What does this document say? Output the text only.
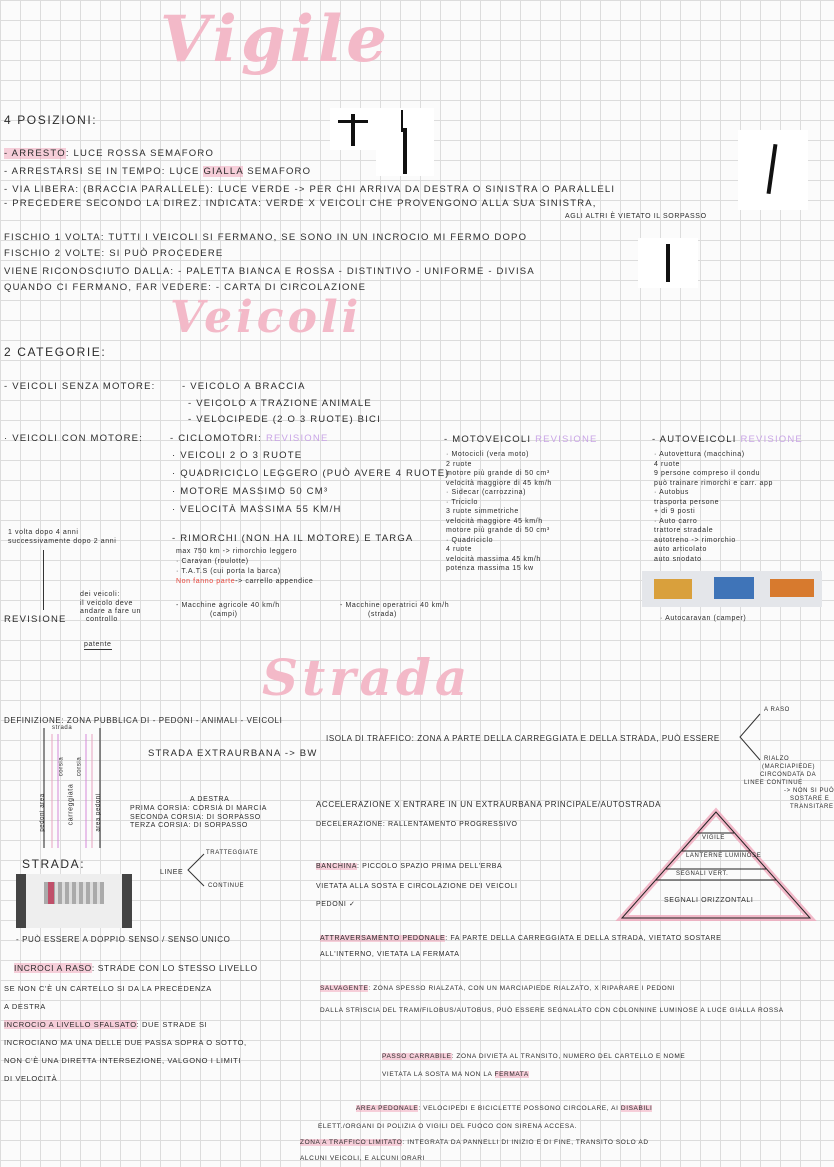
Vigile
Veicoli
Strada
4 POSIZIONI:
- ARRESTO: LUCE ROSSA SEMAFORO
- ARRESTARSI SE IN TEMPO: LUCE GIALLA SEMAFORO
- VIA LIBERA: (BRACCIA PARALLELE): LUCE VERDE -> PER CHI ARRIVA DA DESTRA O SINISTRA O PARALLELI
- PRECEDERE SECONDO LA DIREZ. INDICATA: VERDE X VEICOLI CHE PROVENGONO ALLA SUA SINISTRA,
AGLI ALTRI È VIETATO IL SORPASSO
FISCHIO 1 VOLTA: TUTTI I VEICOLI SI FERMANO, SE SONO IN UN INCROCIO MI FERMO DOPO
FISCHIO 2 VOLTE: SI PUÒ PROCEDERE
VIENE RICONOSCIUTO DALLA: - PALETTA BIANCA E ROSSA - DISTINTIVO - UNIFORME - DIVISA
QUANDO CI FERMANO, FAR VEDERE: - CARTA DI CIRCOLAZIONE
2 CATEGORIE:
- VEICOLI SENZA MOTORE:	- VEICOLO A BRACCIA
- VEICOLO A TRAZIONE ANIMALE
- VELOCIPEDE (2 O 3 RUOTE) BICI
· VEICOLI CON MOTORE:	- CICLOMOTORI: REVISIONE
· VEICOLI 2 O 3 RUOTE
· QUADRICICLO LEGGERO (PUÒ AVERE 4 RUOTE)
· MOTORE MASSIMO 50 CM³
· VELOCITÀ MASSIMA 55 KM/H
- RIMORCHI (NON HA IL MOTORE) E TARGA
max 750 km -> rimorchio leggero
· Caravan (roulotte)
· T.A.T.S (cui porta la barca)
Non fanno parte-> carrello appendice
- Macchine agricole 40 km/h
(campi)
- Macchine operatrici 40 km/h
(strada)
1 volta dopo 4 anni
successivamente dopo 2 anni
REVISIONE
dei veicoli:
il veicolo deve
andare a fare un
controllo
patente
- MOTOVEICOLI REVISIONE
· Motocicli (vera moto)
2 ruote
motore più grande di 50 cm³
velocità maggiore di 45 km/h
· Sidecar (carrozzina)
· Triciclo
3 ruote simmetriche
velocità maggiore 45 km/h
motore più grande di 50 cm³
· Quadriciclo
4 ruote
velocità massima 45 km/h
potenza massima 15 kw
- AUTOVEICOLI REVISIONE
· Autovettura (macchina)
4 ruote
9 persone compreso il condu
può trainare rimorchi e carr. app
· Autobus
trasporta persone
+ di 9 posti
· Auto carro
trattore stradale
autotreno -> rimorchio
auto articolato
auto snodato
· Autocaravan (camper)
DEFINIZIONE: ZONA PUBBLICA DI - PEDONI - ANIMALI - VEICOLI
strada
corsia	corsia
pedoni area	carreggiata	area pedoni
STRADA EXTRAURBANA -> BW
A DESTRA
PRIMA CORSIA: CORSIA DI MARCIA
SECONDA CORSIA: DI SORPASSO
TERZA CORSIA: DI SORPASSO
STRADA:
LINEE
TRATTEGGIATE
CONTINUE
- PUÒ ESSERE A DOPPIO SENSO / SENSO UNICO
ISOLA DI TRAFFICO: ZONA A PARTE DELLA CARREGGIATA E DELLA STRADA, PUÒ ESSERE
A RASO
RIALZO
(MARCIAPIEDE)
CIRCONDATA DA
LINEE CONTINUE
-> NON SI PUÒ
SOSTARE E
TRANSITARE
ACCELERAZIONE X ENTRARE IN UN EXTRAURBANA PRINCIPALE/AUTOSTRADA
DECELERAZIONE: RALLENTAMENTO PROGRESSIVO
BANCHINA: PICCOLO SPAZIO PRIMA DELL'ERBA
VIETATA ALLA SOSTA E CIRCOLAZIONE DEI VEICOLI
PEDONI ✓
VIGILE
LANTERNE LUMINOSE
SEGNALI VERT.
SEGNALI ORIZZONTALI
ATTRAVERSAMENTO PEDONALE: FA PARTE DELLA CARREGGIATA E DELLA STRADA, VIETATO SOSTARE
ALL'INTERNO, VIETATA LA FERMATA
INCROCI A RASO: STRADE CON LO STESSO LIVELLO
SE NON C'È UN CARTELLO SI DA LA PRECEDENZA
A DESTRA
INCROCIO A LIVELLO SFALSATO: DUE STRADE SI
INCROCIANO MA UNA DELLE DUE PASSA SOPRA O SOTTO,
NON C'È UNA DIRETTA INTERSEZIONE, VALGONO I LIMITI
DI VELOCITÀ
SALVAGENTE: ZONA SPESSO RIALZATA, CON UN MARCIAPIEDE RIALZATO, X RIPARARE I PEDONI
DALLA STRISCIA DEL TRAM/FILOBUS/AUTOBUS, PUÒ ESSERE SEGNALATO CON COLONNINE LUMINOSE A LUCE GIALLA ROSSA
PASSO CARRABILE: ZONA DIVIETA AL TRANSITO, NUMERO DEL CARTELLO E NOME
VIETATA LA SOSTA MA NON LA FERMATA
AREA PEDONALE: VELOCIPEDI E BICICLETTE POSSONO CIRCOLARE, AI DISABILI
ELETT./ORGANI DI POLIZIA O VIGILI DEL FUOCO CON SIRENA ACCESA.
ZONA A TRAFFICO LIMITATO: INTEGRATA DA PANNELLI DI INIZIO E DI FINE, TRANSITO SOLO AD
ALCUNI VEICOLI, E ALCUNI ORARI
